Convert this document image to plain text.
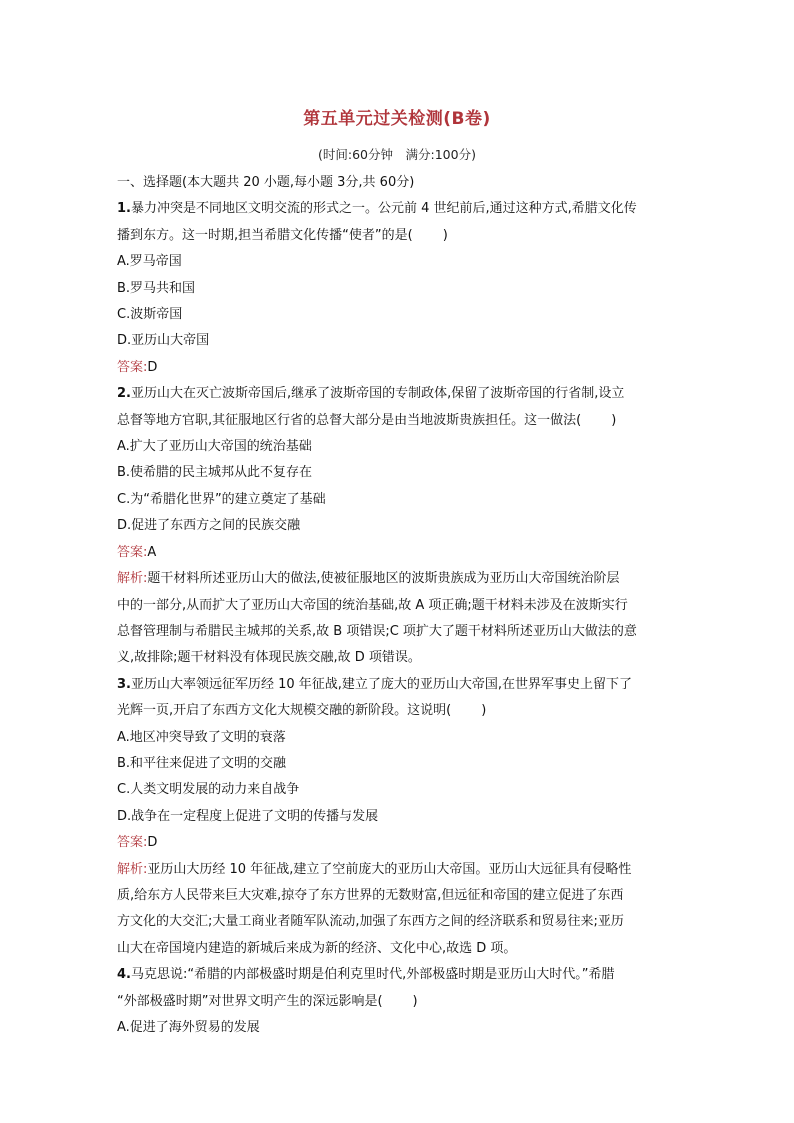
第五单元过关检测(B卷)
(时间:60分钟　满分:100分)
一、选择题(本大题共 20 小题,每小题 3分,共 60分)
1.暴力冲突是不同地区文明交流的形式之一。公元前 4 世纪前后,通过这种方式,希腊文化传
播到东方。这一时期,担当希腊文化传播“使者”的是( )
A.罗马帝国
B.罗马共和国
C.波斯帝国
D.亚历山大帝国
答案:D
2.亚历山大在灭亡波斯帝国后,继承了波斯帝国的专制政体,保留了波斯帝国的行省制,设立
总督等地方官职,其征服地区行省的总督大部分是由当地波斯贵族担任。这一做法( )
A.扩大了亚历山大帝国的统治基础
B.使希腊的民主城邦从此不复存在
C.为“希腊化世界”的建立奠定了基础
D.促进了东西方之间的民族交融
答案:A
解析:题干材料所述亚历山大的做法,使被征服地区的波斯贵族成为亚历山大帝国统治阶层
中的一部分,从而扩大了亚历山大帝国的统治基础,故 A 项正确;题干材料未涉及在波斯实行
总督管理制与希腊民主城邦的关系,故 B 项错误;C 项扩大了题干材料所述亚历山大做法的意
义,故排除;题干材料没有体现民族交融,故 D 项错误。
3.亚历山大率领远征军历经 10 年征战,建立了庞大的亚历山大帝国,在世界军事史上留下了
光辉一页,开启了东西方文化大规模交融的新阶段。这说明( )
A.地区冲突导致了文明的衰落
B.和平往来促进了文明的交融
C.人类文明发展的动力来自战争
D.战争在一定程度上促进了文明的传播与发展
答案:D
解析:亚历山大历经 10 年征战,建立了空前庞大的亚历山大帝国。亚历山大远征具有侵略性
质,给东方人民带来巨大灾难,掠夺了东方世界的无数财富,但远征和帝国的建立促进了东西
方文化的大交汇;大量工商业者随军队流动,加强了东西方之间的经济联系和贸易往来;亚历
山大在帝国境内建造的新城后来成为新的经济、文化中心,故选 D 项。
4.马克思说:“希腊的内部极盛时期是伯利克里时代,外部极盛时期是亚历山大时代。”希腊
“外部极盛时期”对世界文明产生的深远影响是( )
A.促进了海外贸易的发展
